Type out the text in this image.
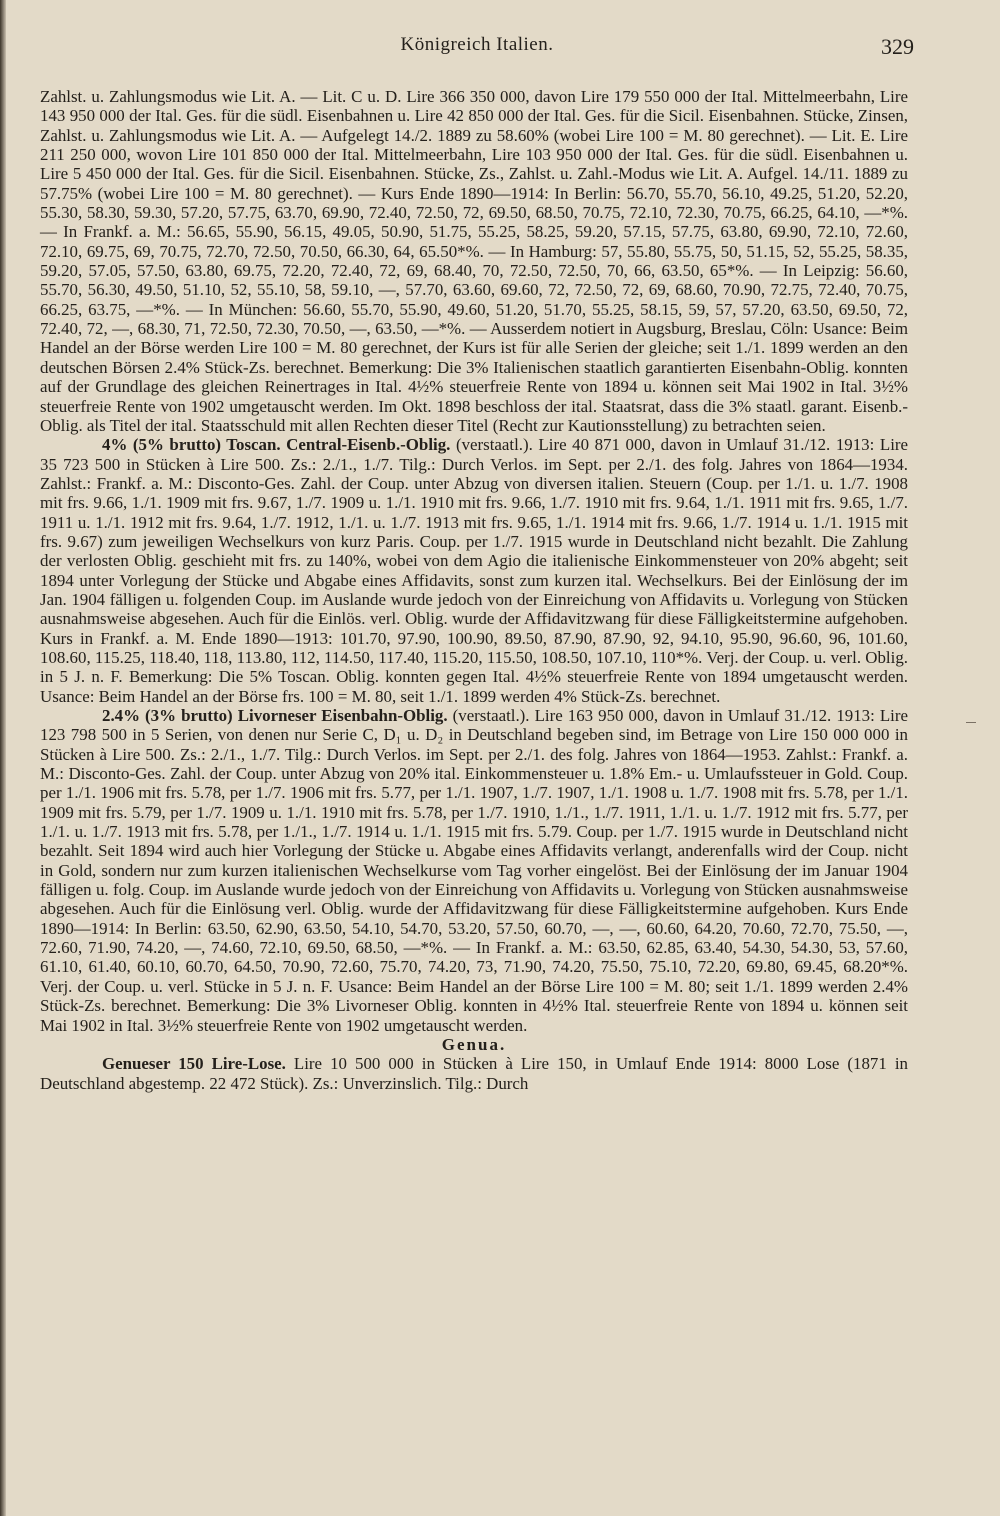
Königreich Italien.	329

Zahlst. u. Zahlungsmodus wie Lit. A. — Lit. C u. D. Lire 366 350 000, davon Lire 179 550 000 der Ital. Mittelmeerbahn, Lire 143 950 000 der Ital. Ges. für die südl. Eisenbahnen u. Lire 42 850 000 der Ital. Ges. für die Sicil. Eisenbahnen. Stücke, Zinsen, Zahlst. u. Zahlungsmodus wie Lit. A. — Aufgelegt 14./2. 1889 zu 58.60% (wobei Lire 100 = M. 80 gerechnet). — Lit. E. Lire 211 250 000, wovon Lire 101 850 000 der Ital. Mittelmeerbahn, Lire 103 950 000 der Ital. Ges. für die südl. Eisenbahnen u. Lire 5 450 000 der Ital. Ges. für die Sicil. Eisenbahnen. Stücke, Zs., Zahlst. u. Zahl.-Modus wie Lit. A. Aufgel. 14./11. 1889 zu 57.75% (wobei Lire 100 = M. 80 gerechnet). — Kurs Ende 1890—1914: In Berlin: 56.70, 55.70, 56.10, 49.25, 51.20, 52.20, 55.30, 58.30, 59.30, 57.20, 57.75, 63.70, 69.90, 72.40, 72.50, 72, 69.50, 68.50, 70.75, 72.10, 72.30, 70.75, 66.25, 64.10, —*%. — In Frankf. a. M.: 56.65, 55.90, 56.15, 49.05, 50.90, 51.75, 55.25, 58.25, 59.20, 57.15, 57.75, 63.80, 69.90, 72.10, 72.60, 72.10, 69.75, 69, 70.75, 72.70, 72.50, 70.50, 66.30, 64, 65.50*%. — In Hamburg: 57, 55.80, 55.75, 50, 51.15, 52, 55.25, 58.35, 59.20, 57.05, 57.50, 63.80, 69.75, 72.20, 72.40, 72, 69, 68.40, 70, 72.50, 72.50, 70, 66, 63.50, 65*%. — In Leipzig: 56.60, 55.70, 56.30, 49.50, 51.10, 52, 55.10, 58, 59.10, —, 57.70, 63.60, 69.60, 72, 72.50, 72, 69, 68.60, 70.90, 72.75, 72.40, 70.75, 66.25, 63.75, —*%. — In München: 56.60, 55.70, 55.90, 49.60, 51.20, 51.70, 55.25, 58.15, 59, 57, 57.20, 63.50, 69.50, 72, 72.40, 72, —, 68.30, 71, 72.50, 72.30, 70.50, —, 63.50, —*%. — Ausserdem notiert in Augsburg, Breslau, Cöln: Usance: Beim Handel an der Börse werden Lire 100 = M. 80 gerechnet, der Kurs ist für alle Serien der gleiche; seit 1./1. 1899 werden an den deutschen Börsen 2.4% Stück-Zs. berechnet. Bemerkung: Die 3% Italienischen staatlich garantierten Eisenbahn-Oblig. konnten auf der Grundlage des gleichen Reinertrages in Ital. 4½% steuerfreie Rente von 1894 u. können seit Mai 1902 in Ital. 3½% steuerfreie Rente von 1902 umgetauscht werden. Im Okt. 1898 beschloss der ital. Staatsrat, dass die 3% staatl. garant. Eisenb.-Oblig. als Titel der ital. Staatsschuld mit allen Rechten dieser Titel (Recht zur Kautionsstellung) zu betrachten seien.

4% (5% brutto) Toscan. Central-Eisenb.-Oblig. (verstaatl.). Lire 40 871 000, davon in Umlauf 31./12. 1913: Lire 35 723 500 in Stücken à Lire 500. Zs.: 2./1., 1./7. Tilg.: Durch Verlos. im Sept. per 2./1. des folg. Jahres von 1864—1934. Zahlst.: Frankf. a. M.: Disconto-Ges. Zahl. der Coup. unter Abzug von diversen italien. Steuern (Coup. per 1./1. u. 1./7. 1908 mit frs. 9.66, 1./1. 1909 mit frs. 9.67, 1./7. 1909 u. 1./1. 1910 mit frs. 9.66, 1./7. 1910 mit frs. 9.64, 1./1. 1911 mit frs. 9.65, 1./7. 1911 u. 1./1. 1912 mit frs. 9.64, 1./7. 1912, 1./1. u. 1./7. 1913 mit frs. 9.65, 1./1. 1914 mit frs. 9.66, 1./7. 1914 u. 1./1. 1915 mit frs. 9.67) zum jeweiligen Wechselkurs von kurz Paris. Coup. per 1./7. 1915 wurde in Deutschland nicht bezahlt. Die Zahlung der verlosten Oblig. geschieht mit frs. zu 140%, wobei von dem Agio die italienische Einkommensteuer von 20% abgeht; seit 1894 unter Vorlegung der Stücke und Abgabe eines Affidavits, sonst zum kurzen ital. Wechselkurs. Bei der Einlösung der im Jan. 1904 fälligen u. folgenden Coup. im Auslande wurde jedoch von der Einreichung von Affidavits u. Vorlegung von Stücken ausnahmsweise abgesehen. Auch für die Einlös. verl. Oblig. wurde der Affidavitzwang für diese Fälligkeitstermine aufgehoben. Kurs in Frankf. a. M. Ende 1890—1913: 101.70, 97.90, 100.90, 89.50, 87.90, 87.90, 92, 94.10, 95.90, 96.60, 96, 101.60, 108.60, 115.25, 118.40, 118, 113.80, 112, 114.50, 117.40, 115.20, 115.50, 108.50, 107.10, 110*%. Verj. der Coup. u. verl. Oblig. in 5 J. n. F. Bemerkung: Die 5% Toscan. Oblig. konnten gegen Ital. 4½% steuerfreie Rente von 1894 umgetauscht werden. Usance: Beim Handel an der Börse frs. 100 = M. 80, seit 1./1. 1899 werden 4% Stück-Zs. berechnet.

2.4% (3% brutto) Livorneser Eisenbahn-Oblig. (verstaatl.). Lire 163 950 000, davon in Umlauf 31./12. 1913: Lire 123 798 500 in 5 Serien, von denen nur Serie C, D₁ u. D₂ in Deutschland begeben sind, im Betrage von Lire 150 000 000 in Stücken à Lire 500. Zs.: 2./1., 1./7. Tilg.: Durch Verlos. im Sept. per 2./1. des folg. Jahres von 1864—1953. Zahlst.: Frankf. a. M.: Disconto-Ges. Zahl. der Coup. unter Abzug von 20% ital. Einkommensteuer u. 1.8% Em.- u. Umlaufssteuer in Gold. Coup. per 1./1. 1906 mit frs. 5.78, per 1./7. 1906 mit frs. 5.77, per 1./1. 1907, 1./7. 1907, 1./1. 1908 u. 1./7. 1908 mit frs. 5.78, per 1./1. 1909 mit frs. 5.79, per 1./7. 1909 u. 1./1. 1910 mit frs. 5.78, per 1./7. 1910, 1./1., 1./7. 1911, 1./1. u. 1./7. 1912 mit frs. 5.77, per 1./1. u. 1./7. 1913 mit frs. 5.78, per 1./1., 1./7. 1914 u. 1./1. 1915 mit frs. 5.79. Coup. per 1./7. 1915 wurde in Deutschland nicht bezahlt. Seit 1894 wird auch hier Vorlegung der Stücke u. Abgabe eines Affidavits verlangt, anderenfalls wird der Coup. nicht in Gold, sondern nur zum kurzen italienischen Wechselkurse vom Tag vorher eingelöst. Bei der Einlösung der im Januar 1904 fälligen u. folg. Coup. im Auslande wurde jedoch von der Einreichung von Affidavits u. Vorlegung von Stücken ausnahmsweise abgesehen. Auch für die Einlösung verl. Oblig. wurde der Affidavitzwang für diese Fälligkeitstermine aufgehoben. Kurs Ende 1890—1914: In Berlin: 63.50, 62.90, 63.50, 54.10, 54.70, 53.20, 57.50, 60.70, —, —, 60.60, 64.20, 70.60, 72.70, 75.50, —, 72.60, 71.90, 74.20, —, 74.60, 72.10, 69.50, 68.50, —*%. — In Frankf. a. M.: 63.50, 62.85, 63.40, 54.30, 54.30, 53, 57.60, 61.10, 61.40, 60.10, 60.70, 64.50, 70.90, 72.60, 75.70, 74.20, 73, 71.90, 74.20, 75.50, 75.10, 72.20, 69.80, 69.45, 68.20*%. Verj. der Coup. u. verl. Stücke in 5 J. n. F. Usance: Beim Handel an der Börse Lire 100 = M. 80; seit 1./1. 1899 werden 2.4% Stück-Zs. berechnet. Bemerkung: Die 3% Livorneser Oblig. konnten in 4½% Ital. steuerfreie Rente von 1894 u. können seit Mai 1902 in Ital. 3½% steuerfreie Rente von 1902 umgetauscht werden.

Genua.

Genueser 150 Lire-Lose. Lire 10 500 000 in Stücken à Lire 150, in Umlauf Ende 1914: 8000 Lose (1871 in Deutschland abgestemp. 22 472 Stück). Zs.: Unverzinslich. Tilg.: Durch
